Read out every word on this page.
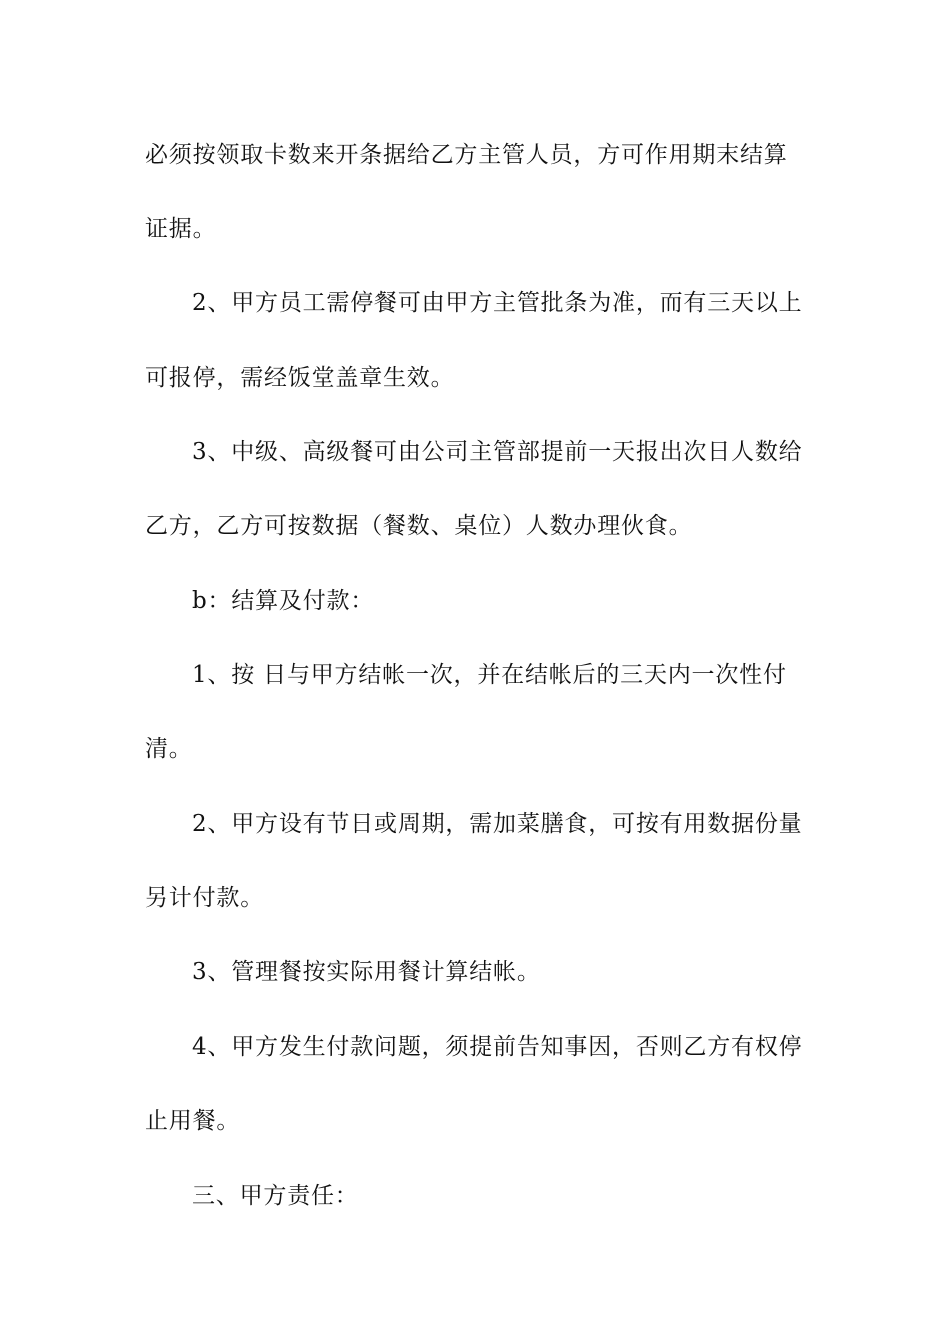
必须按领取卡数来开条据给乙方主管人员，方可作用期末结算
证据。
2、甲方员工需停餐可由甲方主管批条为准，而有三天以上
可报停，需经饭堂盖章生效。
3、中级、高级餐可由公司主管部提前一天报出次日人数给
乙方，乙方可按数据（餐数、桌位）人数办理伙食。
b：结算及付款：
1、按 日与甲方结帐一次，并在结帐后的三天内一次性付
清。
2、甲方设有节日或周期，需加菜膳食，可按有用数据份量
另计付款。
3、管理餐按实际用餐计算结帐。
4、甲方发生付款问题，须提前告知事因，否则乙方有权停
止用餐。
三、甲方责任：
